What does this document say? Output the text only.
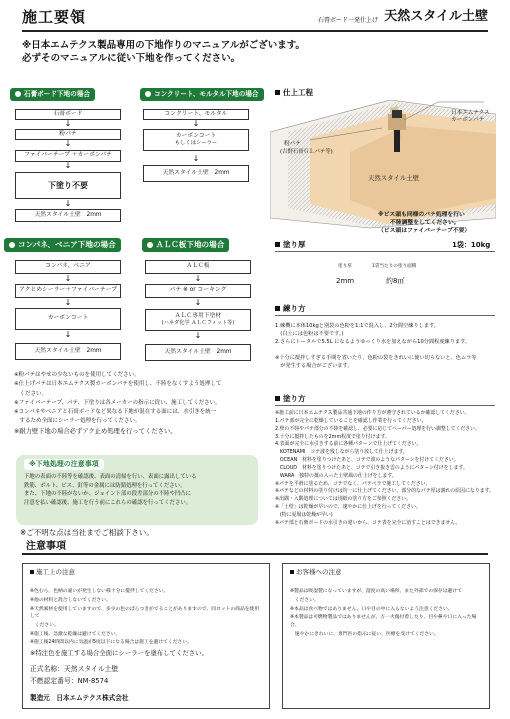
施工要領	石膏ボード一発仕上げ 天然スタイル土壁
※日本エムテクス製品専用の下地作りのマニュアルがございます。
必ずそのマニュアルに従い下地を作ってください。
石膏ボード下地の場合
石膏ボード
↓
粉パテ
↓
ファイバーテープ ＋カーボンパテ
↓
下塗り不要
↓
天然スタイル土壁　2mm
コンクリート、モルタル下地の場合
コンクリート、モルタル
↓
カーボンコート
もしくはシーラー
↓
天然スタイル土壁　2mm
コンパネ、ベニア下地の場合
コンパネ、ベニア
↓
アクとめシーラー＋ファイバーテープ
↓
カーボンコート
↓
天然スタイル土壁　2mm
ＡＬＣ板下地の場合
ＡＬＣ板
↓
パテ ※ or コーキング
↓
ＡＬＣ専用下塗材
(ハネダ化学 ＡＬＣフィット等)
↓
天然スタイル土壁　2mm

※粉パテはやせの少ないものを使用してください。

※仕上げパテは日本エムテクス製カーボンパテを使用し、不陸をなくすよう処理して

　ください。

※ファイバーテープ、パテ、下塗りは各メーカーの指示に従い、施工してください。

※コンパネやベニアと石膏ボードなど異なる下地が混在する面には、水引きを統一

　するため全面にシーラー処理を行ってください。

※耐力壁下地の場合必ずアク止め処理を行ってください。

※下地処理の注意事項
下地の表面の不陸等を確認後、表面の清掃を行い、表面に露出している
鉄筋、ボルト、ビス、釘等の金属には防錆処理を行ってください。
また、下地の不陸がないか、ジョイント部の段差部分の不陸や凹凸に
注意を払い確認後、施工を行う前にこれらの確認を行ってください。
※ご不明な点は当社までご相談下さい。
仕上工程
日本エムテクス
カーボンパテ
粉パテ
(吉野石膏ＧＬパテ等)
天然スタイル土壁
※ビス頭も同様のパテ処理を行い
不陸調整をしてください。
（ビス頭はファイバーテープ不要）
塗り厚	1袋：10kg
塗り厚	1袋当たりの塗り面積
2mm	約8㎡
練り方
1.練機に本体10kgと別袋の色粉を1:1で混入し、2分間空練りします。
　(白土には色粉は不要です。)
2.さらにトータルで5.5L になるようゆっくり水を加えながら10分間程度練ります。
※十分に撹拌しすぎる手間を省いたり、色粉の袋をきれいに使い切らないと、色ムラ等
　が発生する場合がございます。
塗り方
※施工前に日本エムテクス製品共通下地の作り方が遵守されているか確認してください。
1.パテ部が完全に乾燥していることを確認し作業を行ってください。
2.壁の不陸やパテ部分の不陸を確認し、必要に応じてペーパー処理を行い調整してください。
3.十分に撹拌したものを2mm程度で塗り付けます。
4.表面が完全に水引きする前に各種パターンで仕上げてください。
　KOTENAMI　コテ波を残しながら塗り放して仕上げます。
　OCEAN　材料を塗りつけたあと、コテで波のようなパターンを付けてください。
　CLOUD　材料を塗りつけたあと、コテで引き抜き雲のようにパターン付けをします。
　WARA　独特の藁の入った土壁風の仕上げをします。
※パテを平滑に塗るため、コテでなく、パテベラで施工してください。
※パテなどの材料の塗り付けは均一に仕上げてください。部分的なパテ厚は割れの原因になります。
※出隅・入隅処理については別紙の塗り方をご参照ください。
※「土壁」は乾燥が早いので、速やかに仕上げを行ってください。
　(特に夏場は乾燥が早い)
※パテ部と石膏ボードの水引きの違いから、コテ表を完全に消すことはできません。
注意事項
施工上の注意

※色むら、色柄の違いが発生しない様十分に撹拌してください。

※他の材料と混合しないでください。

※天然素材を使用していますので、多少の色のばらつきがでることがありますので、同ロットの商品を使用して

　ください。

※施工後、急激な乾燥は避けてください。

※施工後24時間以内に気温が5度以下になる場合は施工を避けてください。

※特注色を施工する場合全面にシーラーを塗布してください。

正式名称：天然スタイル土壁

不燃認定番号：NM-8574

製造元　日本エムテクス株式会社

お客様への注意

※製品は吸湿製になっていますが、湿度の高い場所、また外部での保存は避けて

　ください。

※本品は食べ物ではありません。口や目の中に入らないよう注意ください。

※本製品は可燃物製品ではありませんが、万一火傷付着したり、目や鼻や口に入った場合、

　速やかにきれいに、専門医の指示に従い、医療を受けてください。
